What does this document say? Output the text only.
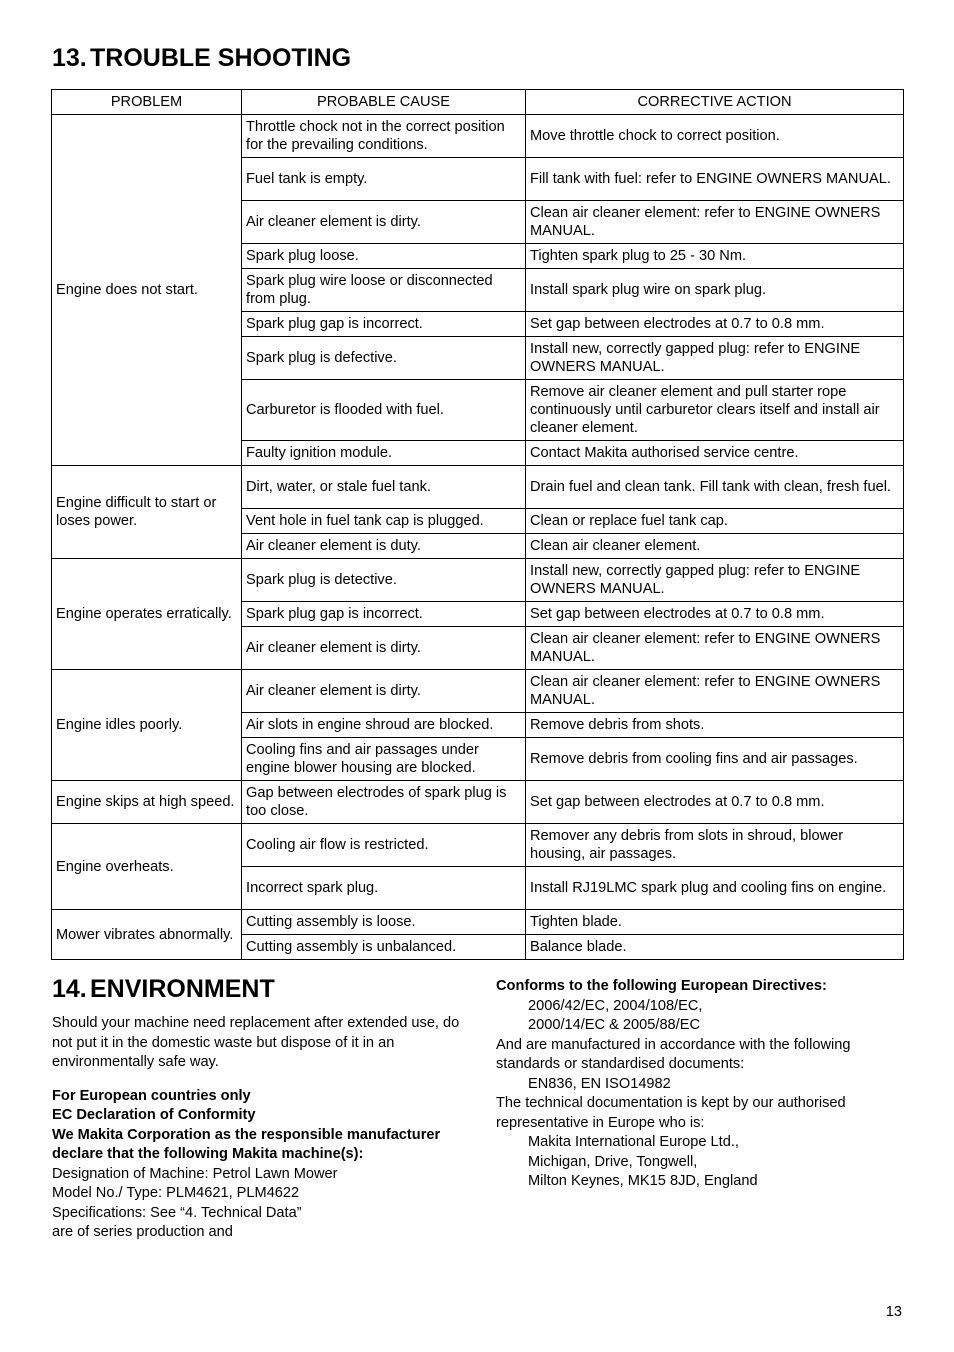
13. TROUBLE SHOOTING
PROBLEM	PROBABLE CAUSE	CORRECTIVE ACTION
Engine does not start.	Throttle chock not in the correct position for the prevailing conditions.	Move throttle chock to correct position.
	Fuel tank is empty.	Fill tank with fuel: refer to ENGINE OWNERS MANUAL.
	Air cleaner element is dirty.	Clean air cleaner element: refer to ENGINE OWNERS MANUAL.
	Spark plug loose.	Tighten spark plug to 25 - 30 Nm.
	Spark plug wire loose or disconnected from plug.	Install spark plug wire on spark plug.
	Spark plug gap is incorrect.	Set gap between electrodes at 0.7 to 0.8 mm.
	Spark plug is defective.	Install new, correctly gapped plug: refer to ENGINE OWNERS MANUAL.
	Carburetor is flooded with fuel.	Remove air cleaner element and pull starter rope continuously until carburetor clears itself and install air cleaner element.
	Faulty ignition module.	Contact Makita authorised service centre.
Engine difficult to start or loses power.	Dirt, water, or stale fuel tank.	Drain fuel and clean tank. Fill tank with clean, fresh fuel.
	Vent hole in fuel tank cap is plugged.	Clean or replace fuel tank cap.
	Air cleaner element is duty.	Clean air cleaner element.
Engine operates erratically.	Spark plug is detective.	Install new, correctly gapped plug: refer to ENGINE OWNERS MANUAL.
	Spark plug gap is incorrect.	Set gap between electrodes at 0.7 to 0.8 mm.
	Air cleaner element is dirty.	Clean air cleaner element: refer to ENGINE OWNERS MANUAL.
Engine idles poorly.	Air cleaner element is dirty.	Clean air cleaner element: refer to ENGINE OWNERS MANUAL.
	Air slots in engine shroud are blocked.	Remove debris from shots.
	Cooling fins and air passages under engine blower housing are blocked.	Remove debris from cooling fins and air passages.
Engine skips at high speed.	Gap between electrodes of spark plug is too close.	Set gap between electrodes at 0.7 to 0.8 mm.
Engine overheats.	Cooling air flow is restricted.	Remover any debris from slots in shroud, blower housing, air passages.
	Incorrect spark plug.	Install RJ19LMC spark plug and cooling fins on engine.
Mower vibrates abnormally.	Cutting assembly is loose.	Tighten blade.
	Cutting assembly is unbalanced.	Balance blade.
14. ENVIRONMENT

Should your machine need replacement after extended use, do not put it in the domestic waste but dispose of it in an environmentally safe way.

For European countries only

EC Declaration of Conformity

We Makita Corporation as the responsible manufacturer declare that the following Makita machine(s):

Designation of Machine: Petrol Lawn Mower

Model No./ Type: PLM4621, PLM4622

Specifications: See “4. Technical Data”

are of series production and

Conforms to the following European Directives:

2006/42/EC, 2004/108/EC,

2000/14/EC & 2005/88/EC

And are manufactured in accordance with the following standards or standardised documents:

EN836, EN ISO14982

The technical documentation is kept by our authorised representative in Europe who is:

Makita International Europe Ltd.,

Michigan, Drive, Tongwell,

Milton Keynes, MK15 8JD, England

13
